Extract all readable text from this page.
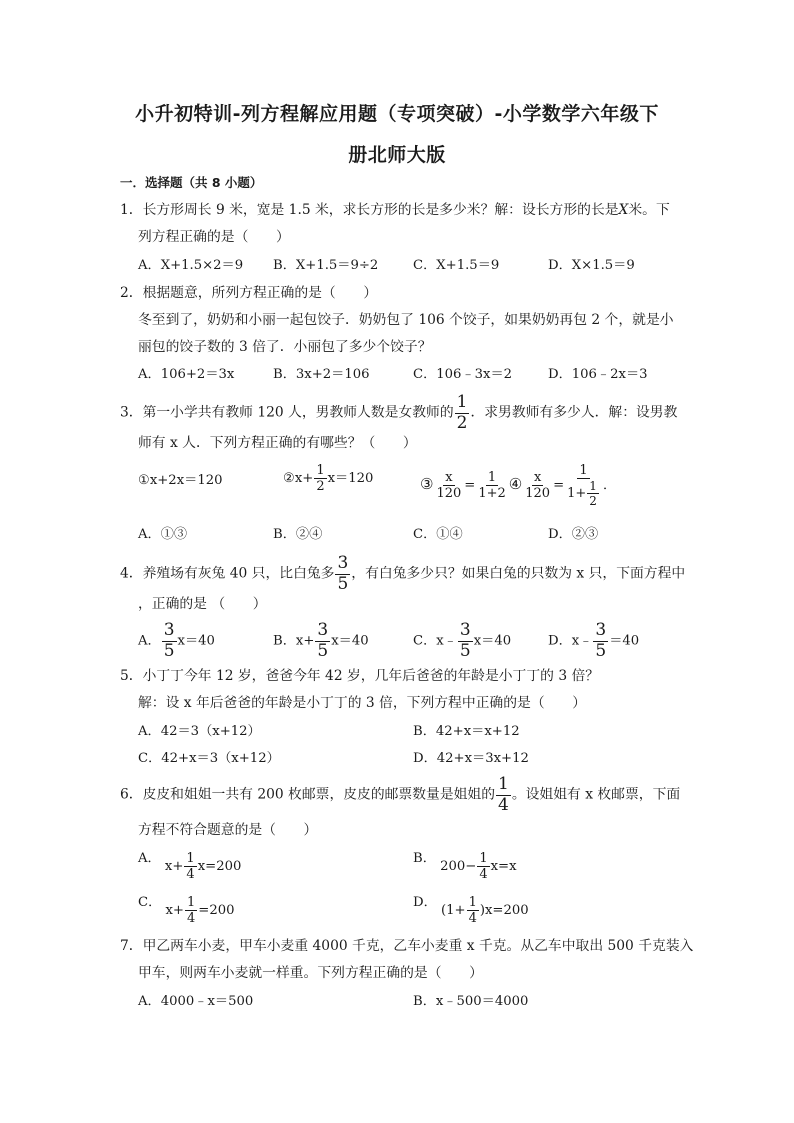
小升初特训-列方程解应用题（专项突破）-小学数学六年级下
册北师大版
一．选择题（共 8 小题）
1．长方形周长 9 米，宽是 1.5 米，求长方形的长是多少米？解：设长方形的长是X米。下
列方程正确的是（　　）
A．X+1.5×2＝9 B．X+1.5＝9÷2	C．X+1.5＝9	D．X×1.5＝9
2．根据题意，所列方程正确的是（　　）
冬至到了，奶奶和小丽一起包饺子．奶奶包了 106 个饺子，如果奶奶再包 2 个，就是小
丽包的饺子数的 3 倍了．小丽包了多少个饺子？
A．106+2＝3x	B．3x+2＝106	C．106﹣3x＝2	D．106﹣2x＝3
3．第一小学共有教师 120 人，男教师人数是女教师的 $\frac{1}{2}$ ．求男教师有多少人．解：设男教
师有 x 人．下列方程正确的有哪些？（　　）
①x+2x＝120	②x+ $\frac{1}{2} x=120$	③ $\frac{x}{120} = \frac{1}{1+2}$ ④ $\frac{x}{120} = \frac{1}{1+ \frac{1}{2}}$ ．
A．①③	B．②④	C．①④	D．②③
4．养殖场有灰兔 40 只，比白兔多 $\frac{3}{5}$ ，有白兔多少只？如果白兔的只数为 x 只，下面方程中
，正确的是 （　　）
A． $\frac{3}{5} x=40$	B．$x+ \frac{3}{5} x=40$	C．x﹣ $\frac{3}{5} x=40$	D．x﹣ $\frac{3}{5} =40$
5．小丁丁今年 12 岁，爸爸今年 42 岁，几年后爸爸的年龄是小丁丁的 3 倍？
解：设 x 年后爸爸的年龄是小丁丁的 3 倍，下列方程中正确的是（　　）
A．42＝3（x+12）	B．42+x＝x+12
C．42+x＝3（x+12）	D．42+x＝3x+12
6．皮皮和姐姐一共有 200 枚邮票，皮皮的邮票数量是姐姐的 $\frac{1}{4}$ 。设姐姐有 x 枚邮票，下面
方程不符合题意的是（　　）
A． $x+ \frac{1}{4} x=200$
B． $200- \frac{1}{4} x=x$
C． $x+ \frac{1}{4} =200$
D． $(1+ \frac{1}{4} )x=200$
7．甲乙两车小麦，甲车小麦重 4000 千克，乙车小麦重 x 千克。从乙车中取出 500 千克装入
甲车，则两车小麦就一样重。下列方程正确的是（　　）
A．4000﹣x＝500	B．x﹣500＝4000
